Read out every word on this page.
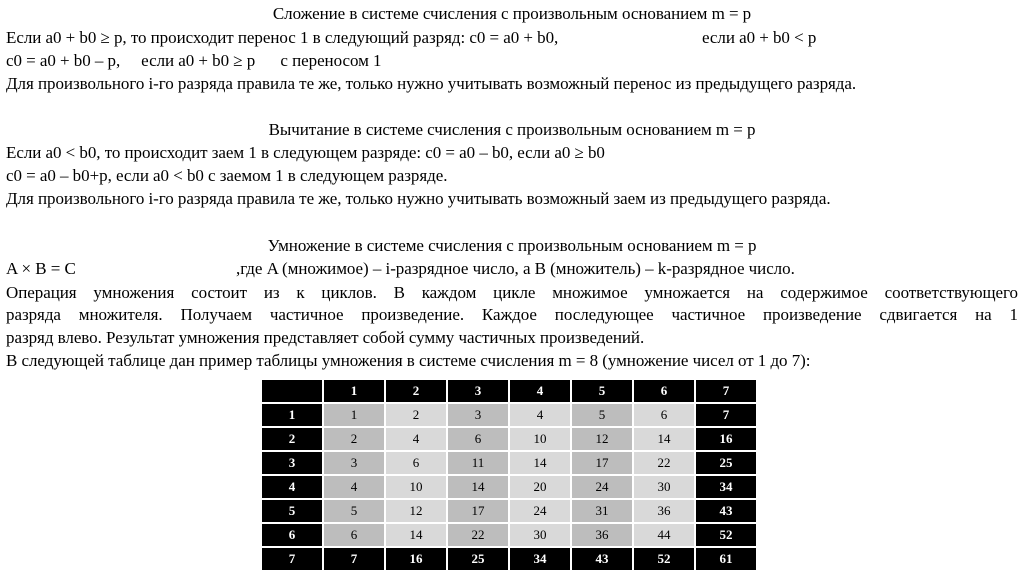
Сложение в системе счисления с произвольным основанием m = p
Если a0 + b0 ≥ p, то происходит перенос 1 в следующий разряд: c0 = a0 + b0,	если a0 + b0 < p
c0 = a0 + b0 – p,     если a0 + b0 ≥ p      с переносом 1
Для произвольного i-го разряда правила те же, только нужно учитывать возможный перенос из предыдущего разряда.
Вычитание в системе счисления с произвольным основанием m = p
Если a0 < b0, то происходит заем 1 в следующем разряде: c0 = a0 – b0, если a0 ≥ b0
c0 = a0 – b0+p, если a0 < b0 с заемом 1 в следующем разряде.
Для произвольного i-го разряда правила те же, только нужно учитывать возможный заем из предыдущего разряда.
Умножение в системе счисления с произвольным основанием m = p
A × B = C	,где A (множимое) – i-разрядное число, а B (множитель) – k-разрядное число.
Операция умножения состоит из к циклов. В каждом цикле множимое умножается на содержимое соответствующего
разряда множителя. Получаем частичное произведение. Каждое последующее частичное произведение сдвигается на 1
разряд влево. Результат умножения представляет собой сумму частичных произведений.
В следующей таблице дан пример таблицы умножения в системе счисления m = 8 (умножение чисел от 1 до 7):
	1	2	3	4	5	6	7
1	1	2	3	4	5	6	7
2	2	4	6	10	12	14	16
3	3	6	11	14	17	22	25
4	4	10	14	20	24	30	34
5	5	12	17	24	31	36	43
6	6	14	22	30	36	44	52
7	7	16	25	34	43	52	61
